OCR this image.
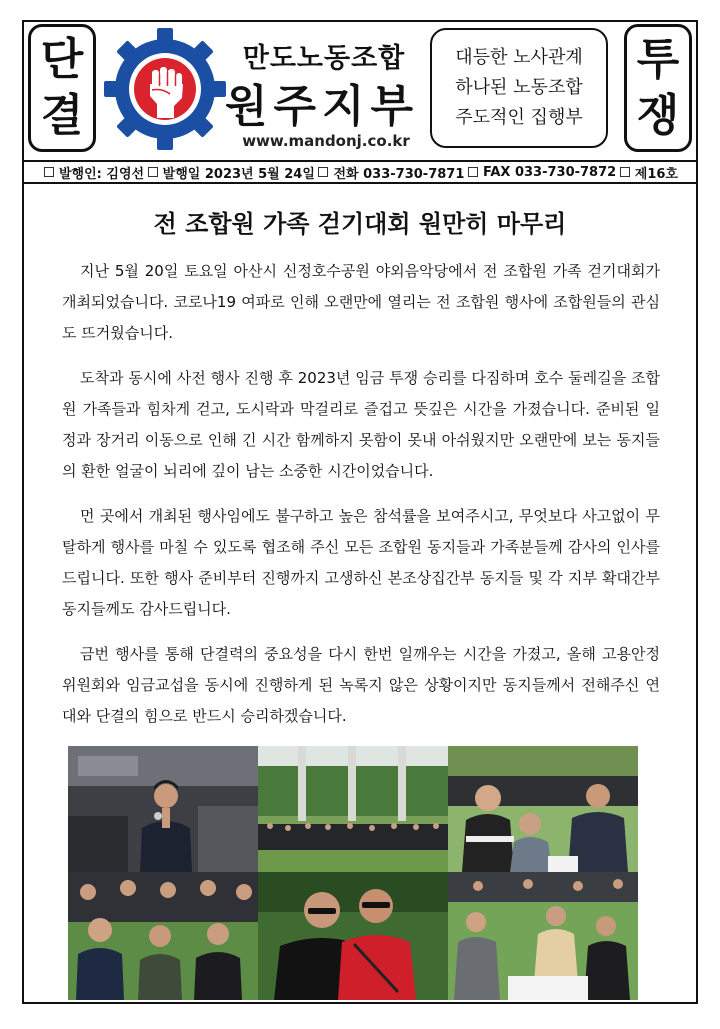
단
결
만도노동조합
원주지부
www.mandonj.co.kr
대등한 노사관계
하나된 노동조합
주도적인 집행부
투
쟁
발행인: 김영선 발행일 2023년 5월 24일 전화 033-730-7871 FAX 033-730-7872 제16호
전 조합원 가족 걷기대회 원만히 마무리

지난 5월 20일 토요일 아산시 신정호수공원 야외음악당에서 전 조합원 가족 걷기대회가 개최되었습니다. 코로나19 여파로 인해 오랜만에 열리는 전 조합원 행사에 조합원들의 관심도 뜨거웠습니다.

도착과 동시에 사전 행사 진행 후 2023년 임금 투쟁 승리를 다짐하며 호수 둘레길을 조합원 가족들과 힘차게 걷고, 도시락과 막걸리로 즐겁고 뜻깊은 시간을 가졌습니다. 준비된 일정과 장거리 이동으로 인해 긴 시간 함께하지 못함이 못내 아쉬웠지만 오랜만에 보는 동지들의 환한 얼굴이 뇌리에 깊이 남는 소중한 시간이었습니다.

먼 곳에서 개최된 행사임에도 불구하고 높은 참석률을 보여주시고, 무엇보다 사고없이 무탈하게 행사를 마칠 수 있도록 협조해 주신 모든 조합원 동지들과 가족분들께 감사의 인사를 드립니다. 또한 행사 준비부터 진행까지 고생하신 본조상집간부 동지들 및 각 지부 확대간부 동지들께도 감사드립니다.

금번 행사를 통해 단결력의 중요성을 다시 한번 일깨우는 시간을 가졌고, 올해 고용안정 위원회와 임금교섭을 동시에 진행하게 된 녹록지 않은 상황이지만 동지들께서 전해주신 연대와 단결의 힘으로 반드시 승리하겠습니다.
